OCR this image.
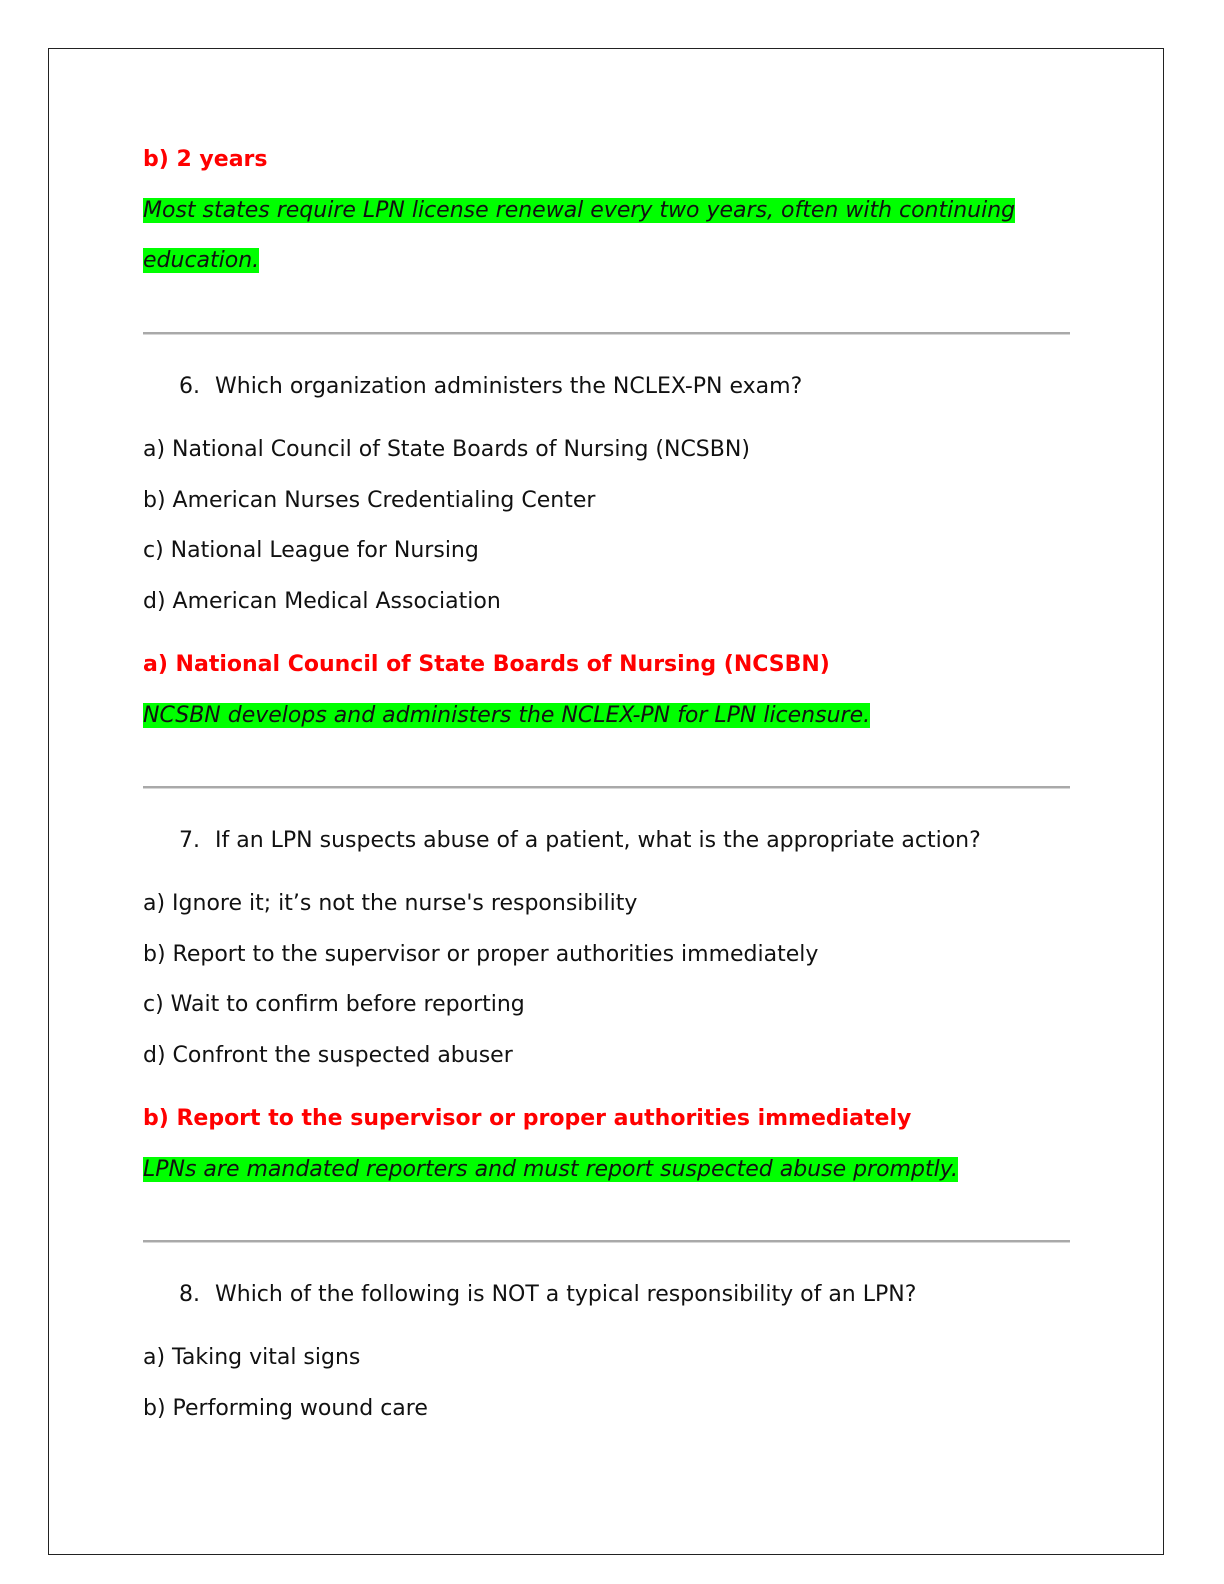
b) 2 years
Most states require LPN license renewal every two years, often with continuing
education.
6. Which organization administers the NCLEX-PN exam?
a) National Council of State Boards of Nursing (NCSBN)
b) American Nurses Credentialing Center
c) National League for Nursing
d) American Medical Association
a) National Council of State Boards of Nursing (NCSBN)
NCSBN develops and administers the NCLEX-PN for LPN licensure.
7. If an LPN suspects abuse of a patient, what is the appropriate action?
a) Ignore it; it’s not the nurse's responsibility
b) Report to the supervisor or proper authorities immediately
c) Wait to confirm before reporting
d) Confront the suspected abuser
b) Report to the supervisor or proper authorities immediately
LPNs are mandated reporters and must report suspected abuse promptly.
8. Which of the following is NOT a typical responsibility of an LPN?
a) Taking vital signs
b) Performing wound care
